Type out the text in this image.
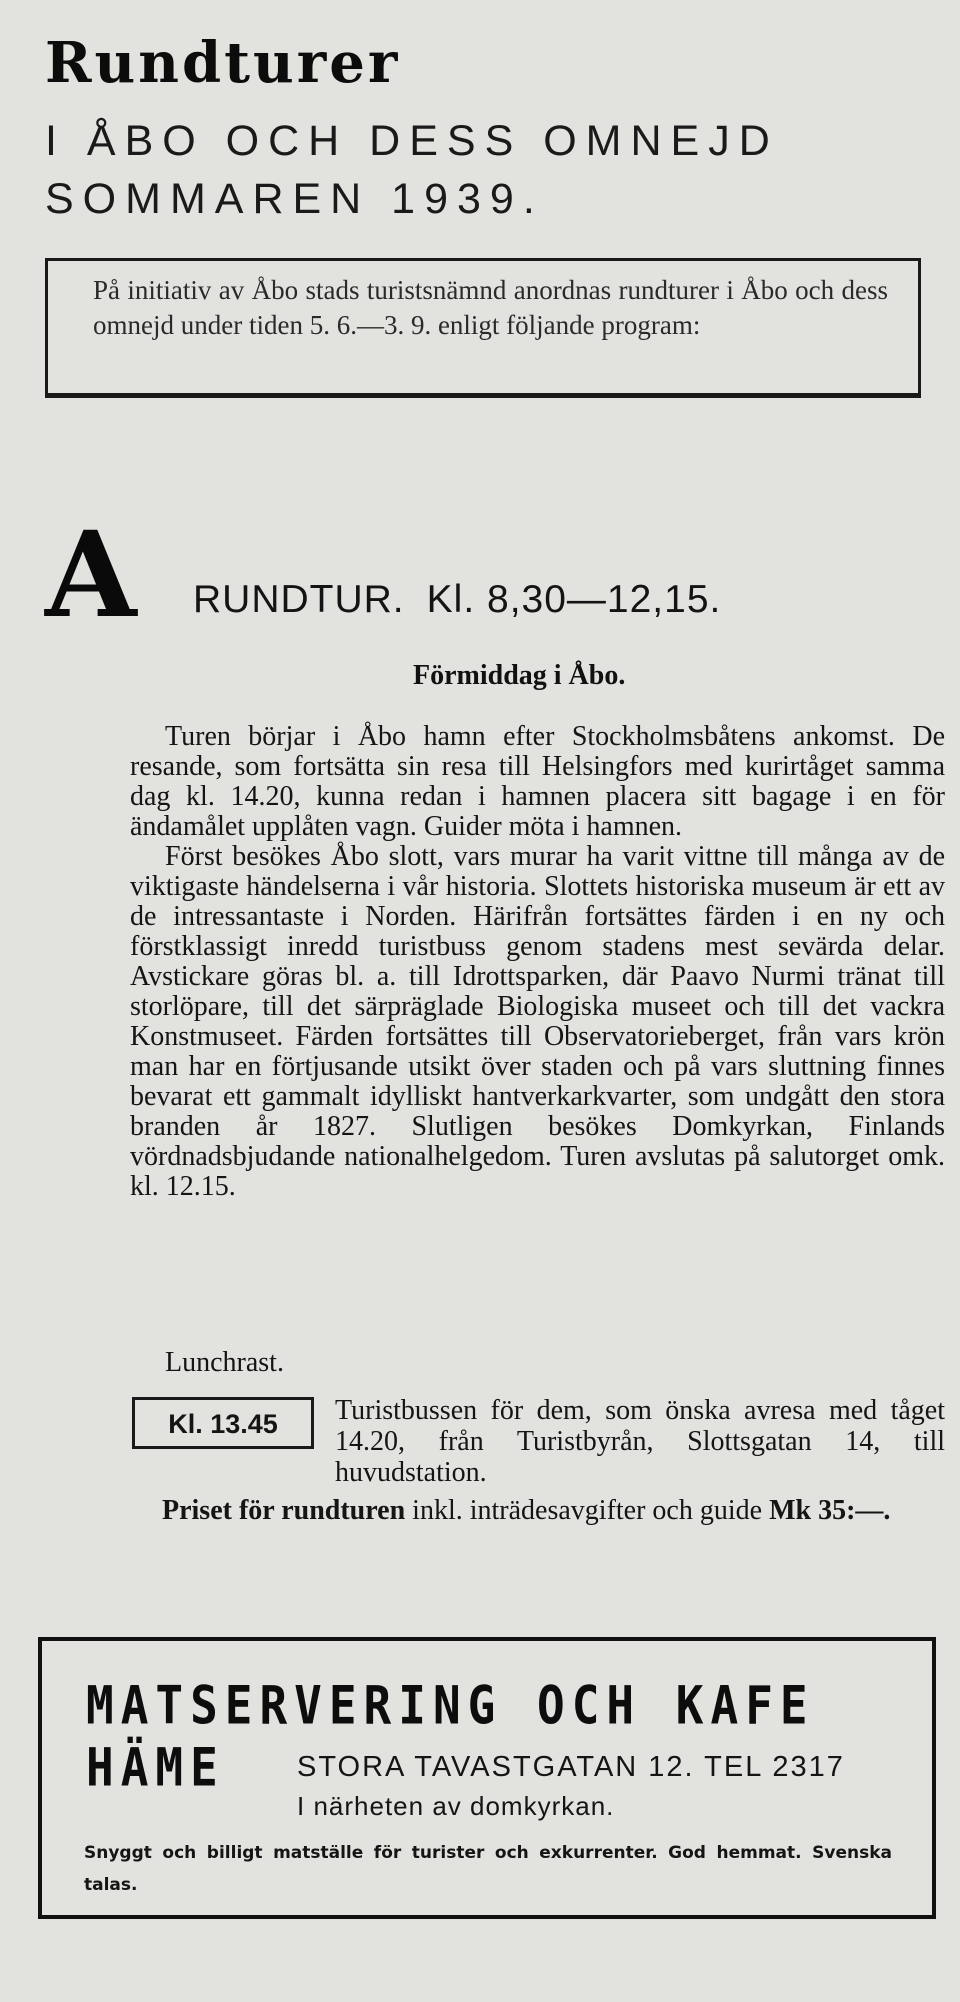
Rundturer
I ÅBO OCH DESS OMNEJD
SOMMAREN 1939.
På initiativ av Åbo stads turistsnämnd anordnas rundturer i Åbo och dess omnejd under tiden 5. 6.—3. 9. enligt följande program:
A RUNDTUR. Kl. 8,30—12,15.
Förmiddag i Åbo.

Turen börjar i Åbo hamn efter Stockholmsbåtens ankomst. De resande, som fortsätta sin resa till Helsingfors med kurirtåget samma dag kl. 14.20, kunna redan i hamnen placera sitt bagage i en för ändamålet upplåten vagn. Guider möta i hamnen.

Först besökes Åbo slott, vars murar ha varit vittne till många av de viktigaste händelserna i vår historia. Slottets historiska museum är ett av de intressantaste i Norden. Härifrån fortsättes färden i en ny och förstklassigt inredd turistbuss genom stadens mest sevärda delar. Avstickare göras bl. a. till Idrottsparken, där Paavo Nurmi tränat till storlöpare, till det särpräglade Biologiska museet och till det vackra Konstmuseet. Färden fortsättes till Observatorieberget, från vars krön man har en förtjusande utsikt över staden och på vars sluttning finnes bevarat ett gammalt idylliskt hantverkarkvarter, som undgått den stora branden år 1827. Slutligen besökes Domkyrkan, Finlands vördnadsbjudande nationalhelgedom. Turen avslutas på salutorget omk. kl. 12.15.

Lunchrast.
Turistbussen för dem, som önska avresa med tåget 14.20, från Turistbyrån, Slottsgatan 14, till huvudstation.
Kl. 13.45

Priset för rundturen inkl. inträdesavgifter och guide Mk 35:—.

MATSERVERING OCH KAFE HÄME	STORA TAVASTGATAN 12. TEL 2317
I närheten av domkyrkan.
Snyggt och billigt matställe för turister och exkurrenter. God hemmat. Svenska talas.
